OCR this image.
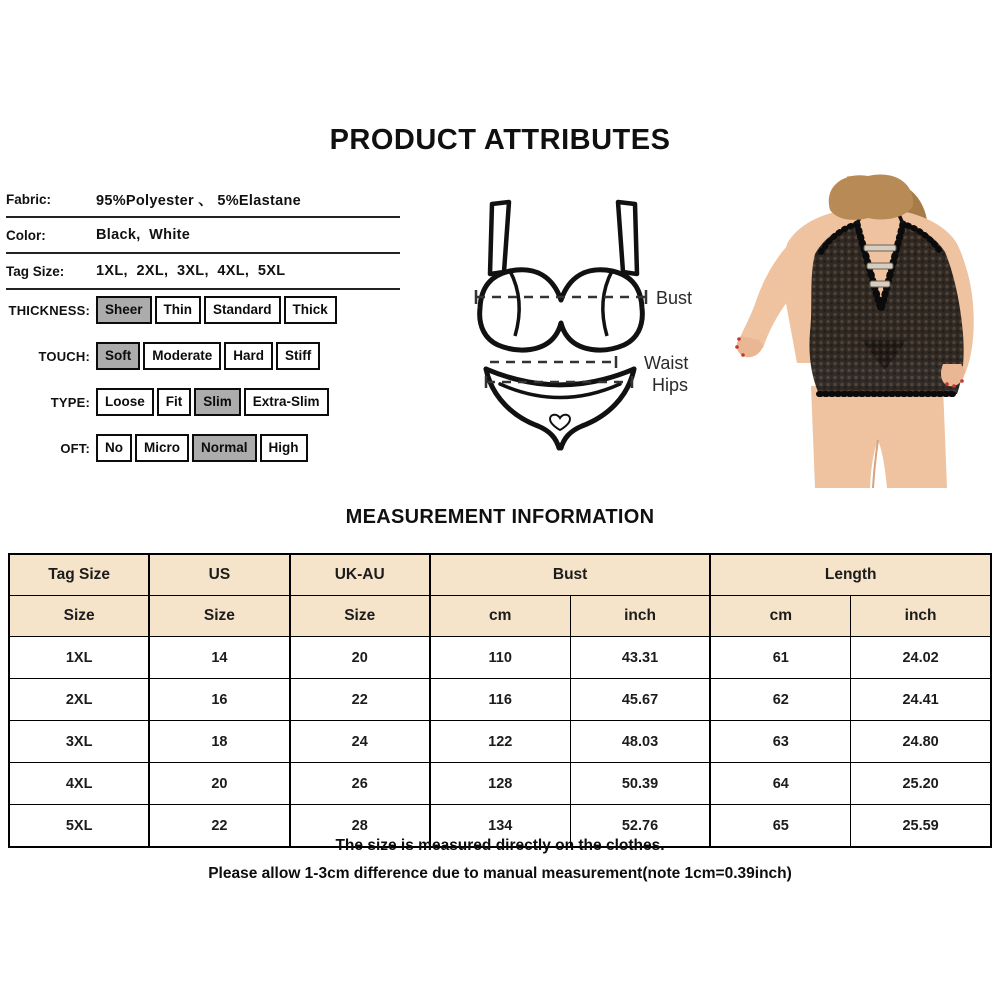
PRODUCT ATTRIBUTES
Fabric:	95%Polyester 、 5%Elastane
Color:	Black,  White
Tag Size:	1XL,  2XL,  3XL,  4XL,  5XL
THICKNESS:	Sheer	Thin	Standard	Thick
TOUCH:	Soft	Moderate	Hard	Stiff
TYPE:	Loose	Fit	Slim	Extra-Slim
OFT:	No	Micro	Normal	High
Bust
Waist
Hips
MEASUREMENT INFORMATION
Tag Size	US	UK-AU	Bust		Length	
Size	Size	Size	cm	inch	cm	inch
1XL	14	20	110	43.31	61	24.02
2XL	16	22	116	45.67	62	24.41
3XL	18	24	122	48.03	63	24.80
4XL	20	26	128	50.39	64	25.20
5XL	22	28	134	52.76	65	25.59
The size is measured directly on the clothes.
Please allow 1-3cm difference due to manual measurement(note 1cm=0.39inch)
